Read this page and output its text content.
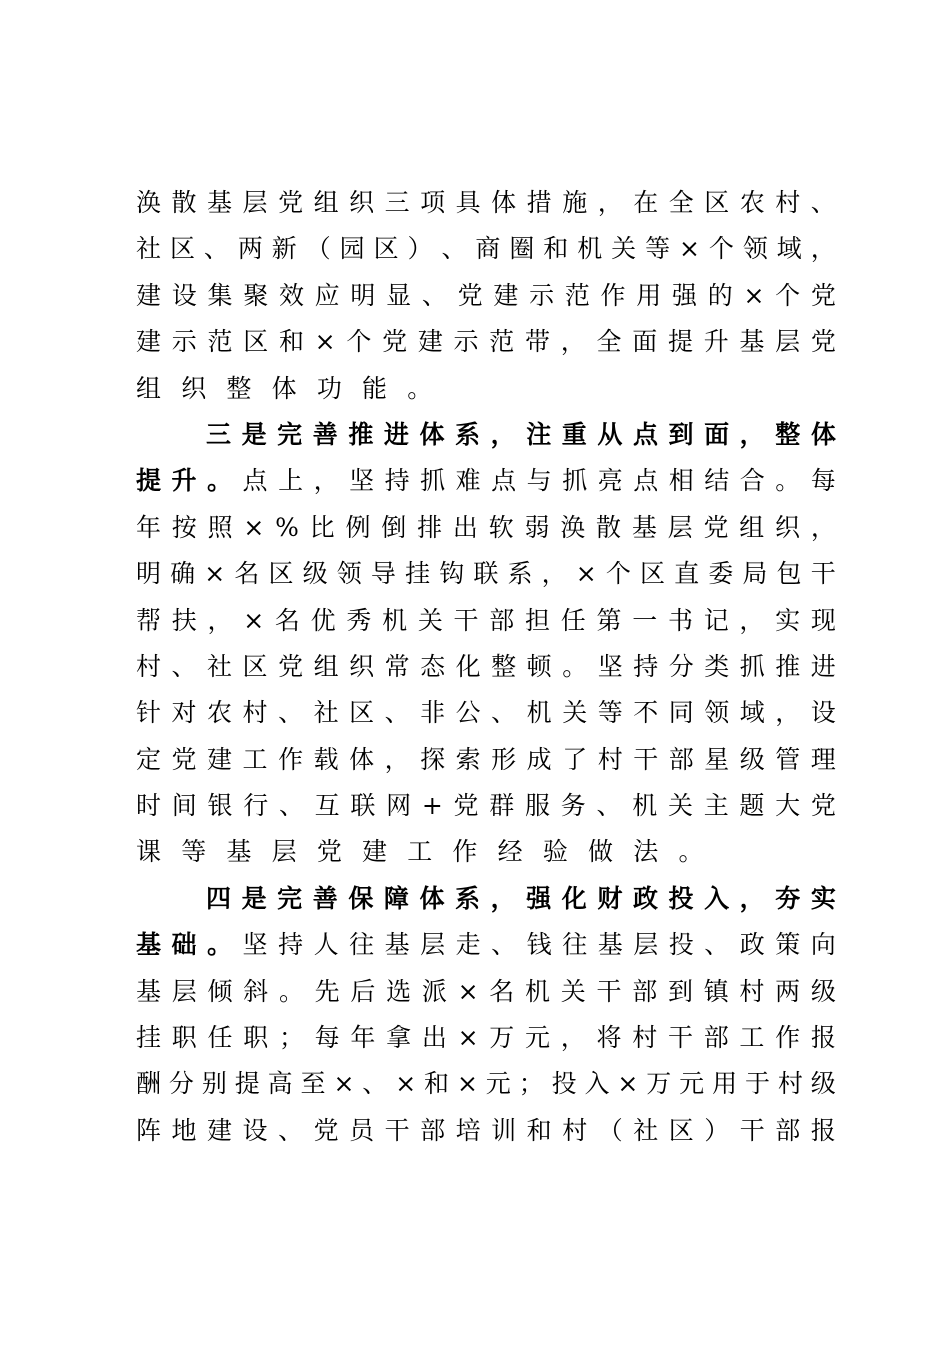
涣 散 基 层 党 组 织 三 项 具 体 措 施 ， 在 全 区 农 村 、
社 区 、 两 新 （ 园 区 ） 、 商 圈 和 机 关 等 × 个 领 域 ，
建 设 集 聚 效 应 明 显 、 党 建 示 范 作 用 强 的 × 个 党
建 示 范 区 和 × 个 党 建 示 范 带 ， 全 面 提 升 基 层 党
组 织 整 体 功 能 。
三 是 完 善 推 进 体 系 ， 注 重 从 点 到 面 ， 整 体
提 升 。 点 上 ， 坚 持 抓 难 点 与 抓 亮 点 相 结 合 。 每
年 按 照 × % 比 例 倒 排 出 软 弱 涣 散 基 层 党 组 织 ，
明 确 × 名 区 级 领 导 挂 钩 联 系 ， × 个 区 直 委 局 包 干
帮 扶 ， × 名 优 秀 机 关 干 部 担 任 第 一 书 记 ， 实 现
村 、 社 区 党 组 织 常 态 化 整 顿 。 坚 持 分 类 抓 推 进
针 对 农 村 、 社 区 、 非 公 、 机 关 等 不 同 领 域 ， 设
定 党 建 工 作 载 体 ， 探 索 形 成 了 村 干 部 星 级 管 理
时 间 银 行 、 互 联 网 + 党 群 服 务 、 机 关 主 题 大 党
课 等 基 层 党 建 工 作 经 验 做 法 。
四 是 完 善 保 障 体 系 ， 强 化 财 政 投 入 ， 夯 实
基 础 。 坚 持 人 往 基 层 走 、 钱 往 基 层 投 、 政 策 向
基 层 倾 斜 。 先 后 选 派 × 名 机 关 干 部 到 镇 村 两 级
挂 职 任 职 ； 每 年 拿 出 × 万 元 ， 将 村 干 部 工 作 报
酬 分 别 提 高 至 × 、 × 和 × 元 ； 投 入 × 万 元 用 于 村 级
阵 地 建 设 、 党 员 干 部 培 训 和 村 （ 社 区 ） 干 部 报
